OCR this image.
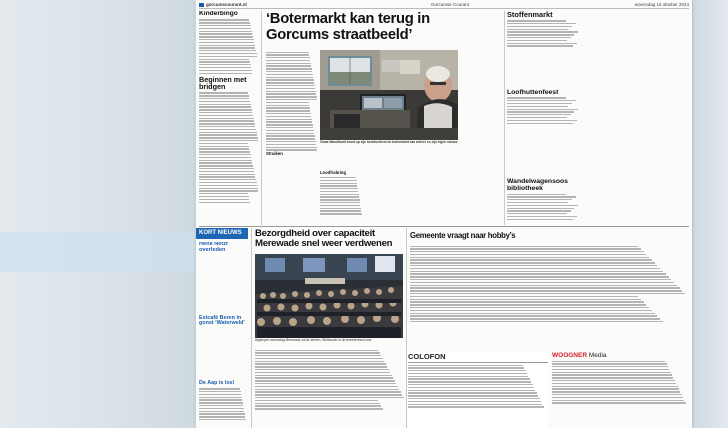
gorcumscourant.nl	Gorcumse Courant	woensdag 16 oktober 2024
Kinderbingo
Beginnen met bridgen
‘Botermarkt kan terug in
Gorcums straatbeeld’
Struiken
Claas Wandlboek toont op zijn beeldscherm de botermarkt van weleer en zijn eigen nieuwe
Loodfrabring
Stoffenmarkt
Loofhuttenfeest
Wandelwagensoos bibliotheek
KORT NIEUWS
Henk Netzr overleden
Estcafé Beren in gonst ‘Waterweld’
De Aap is los!
Bezorgdheid over capaciteit
Merewade snel weer verdwenen
Afgelopen woensdag Merewade zal de ideeën. Wethouder is de tevredenheid over
Gemeente vraagt naar hobby’s
COLOFON	WOOGNER Media
